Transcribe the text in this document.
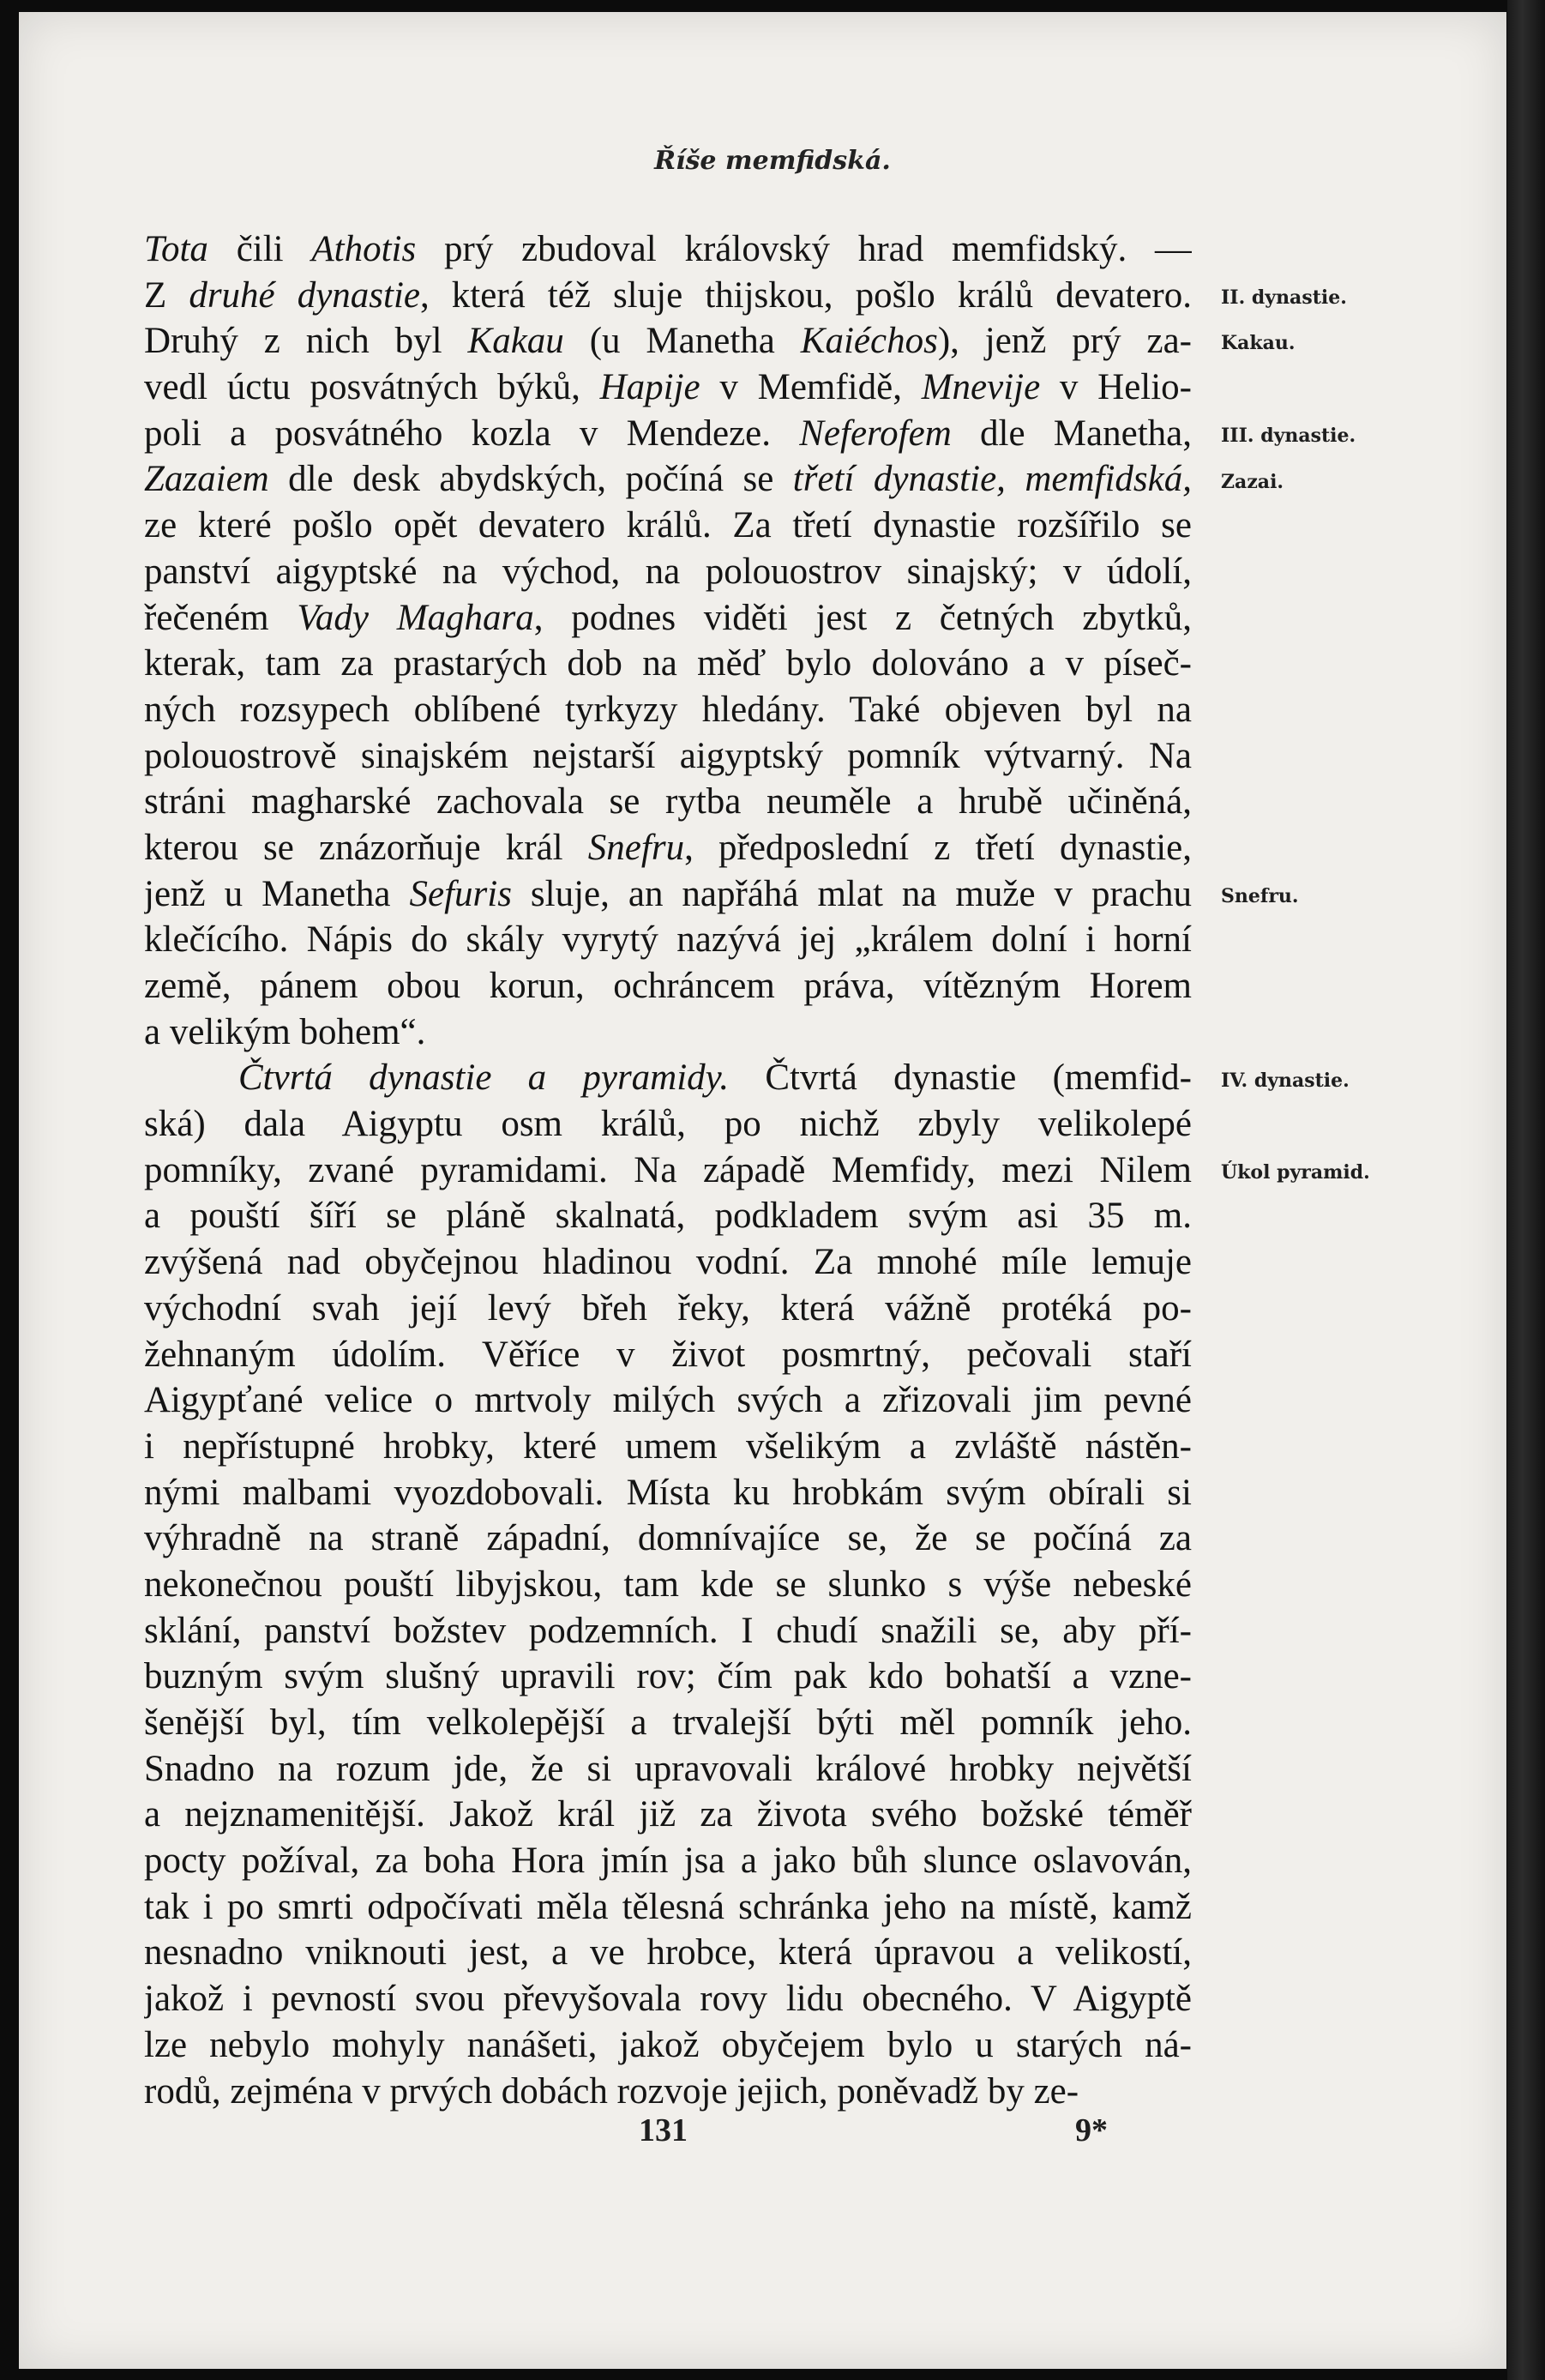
Říše memfidská.
Tota čili Athotis prý zbudoval královský hrad memfidský. —
Z druhé dynastie, která též sluje thijskou, pošlo králů devatero.
Druhý z nich byl Kakau (u Manetha Kaiéchos), jenž prý za-
vedl úctu posvátných býků, Hapije v Memfidě, Mnevije v Helio-
poli a posvátného kozla v Mendeze. Neferofem dle Manetha,
Zazaiem dle desk abydských, počíná se třetí dynastie, memfidská,
ze které pošlo opět devatero králů. Za třetí dynastie rozšířilo se
panství aigyptské na východ, na polouostrov sinajský; v údolí,
řečeném Vady Maghara, podnes viděti jest z četných zbytků,
kterak, tam za prastarých dob na měď bylo dolováno a v píseč-
ných rozsypech oblíbené tyrkyzy hledány. Také objeven byl na
polouostrově sinajském nejstarší aigyptský pomník výtvarný. Na
stráni magharské zachovala se rytba neuměle a hrubě učiněná,
kterou se znázorňuje král Snefru, předposlední z třetí dynastie,
jenž u Manetha Sefuris sluje, an napřáhá mlat na muže v prachu
klečícího. Nápis do skály vyrytý nazývá jej „králem dolní i horní
země, pánem obou korun, ochráncem práva, vítězným Horem
a velikým bohem“.
Čtvrtá dynastie a pyramidy. Čtvrtá dynastie (memfid-
ská) dala Aigyptu osm králů, po nichž zbyly velikolepé
pomníky, zvané pyramidami. Na západě Memfidy, mezi Nilem
a pouští šíří se pláně skalnatá, podkladem svým asi 35 m.
zvýšená nad obyčejnou hladinou vodní. Za mnohé míle lemuje
východní svah její levý břeh řeky, která vážně protéká po-
žehnaným údolím. Věříce v život posmrtný, pečovali staří
Aigypťané velice o mrtvoly milých svých a zřizovali jim pevné
i nepřístupné hrobky, které umem všelikým a zvláště nástěn-
nými malbami vyozdobovali. Místa ku hrobkám svým obírali si
výhradně na straně západní, domnívajíce se, že se počíná za
nekonečnou pouští libyjskou, tam kde se slunko s výše nebeské
sklání, panství božstev podzemních. I chudí snažili se, aby pří-
buzným svým slušný upravili rov; čím pak kdo bohatší a vzne-
šenější byl, tím velkolepější a trvalejší býti měl pomník jeho.
Snadno na rozum jde, že si upravovali králové hrobky největší
a nejznamenitější. Jakož král již za života svého božské téměř
pocty požíval, za boha Hora jmín jsa a jako bůh slunce oslavován,
tak i po smrti odpočívati měla tělesná schránka jeho na místě, kamž
nesnadno vniknouti jest, a ve hrobce, která úpravou a velikostí,
jakož i pevností svou převyšovala rovy lidu obecného. V Aigyptě
lze nebylo mohyly nanášeti, jakož obyčejem bylo u starých ná-
rodů, zejména v prvých dobách rozvoje jejich, poněvadž by ze-
II. dynastie.
Kakau.
III. dynastie.
Zazai.
Snefru.
IV. dynastie.
Úkol pyramid.
131	9*
